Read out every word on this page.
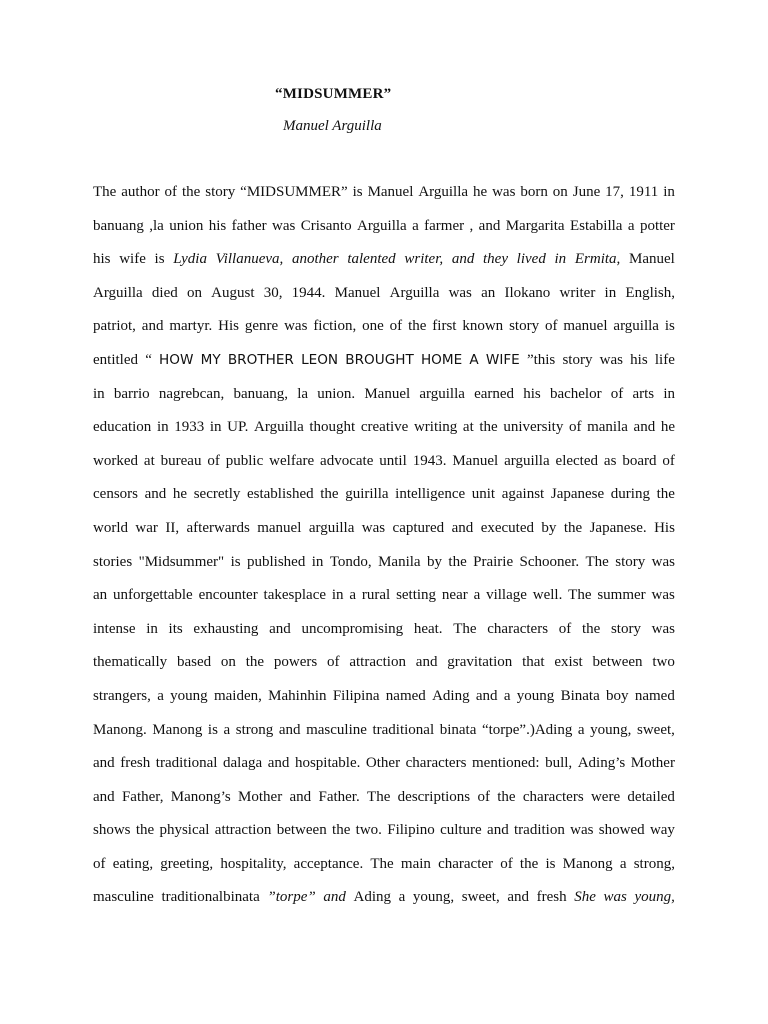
“MIDSUMMER”
Manuel Arguilla
The author of the story “MIDSUMMER” is Manuel Arguilla he was born on June 17, 1911 in
banuang ,la union his father was Crisanto Arguilla a farmer , and Margarita Estabilla a potter
his wife is Lydia Villanueva, another talented writer, and they lived in Ermita, Manuel
Arguilla died on August 30, 1944. Manuel Arguilla was an Ilokano writer in English,
patriot, and martyr. His genre was fiction, one of the first known story of manuel arguilla is
entitled “ HOW MY BROTHER LEON BROUGHT HOME A WIFE ”this story was his life
in barrio nagrebcan, banuang, la union. Manuel arguilla earned his bachelor of arts in
education in 1933 in UP. Arguilla thought creative writing at the university of manila and he
worked at bureau of public welfare advocate until 1943. Manuel arguilla elected as board of
censors and he secretly established the guirilla intelligence unit against Japanese during the
world war II, afterwards manuel arguilla was captured and executed by the Japanese. His
stories "Midsummer" is published in Tondo, Manila by the Prairie Schooner. The story was
an unforgettable encounter takesplace in a rural setting near a village well. The summer was
intense in its exhausting and uncompromising heat. The characters of the story was
thematically based on the powers of attraction and gravitation that exist between two
strangers, a young maiden, Mahinhin Filipina named Ading and a young Binata boy named
Manong. Manong is a strong and masculine traditional binata “torpe”.)Ading a young, sweet,
and fresh traditional dalaga and hospitable. Other characters mentioned: bull, Ading’s Mother
and Father, Manong’s Mother and Father. The descriptions of the characters were detailed
shows the physical attraction between the two. Filipino culture and tradition was showed way
of eating, greeting, hospitality, acceptance. The main character of the is Manong a strong,
masculine traditionalbinata ”torpe” and Ading a young, sweet, and fresh She was young,
